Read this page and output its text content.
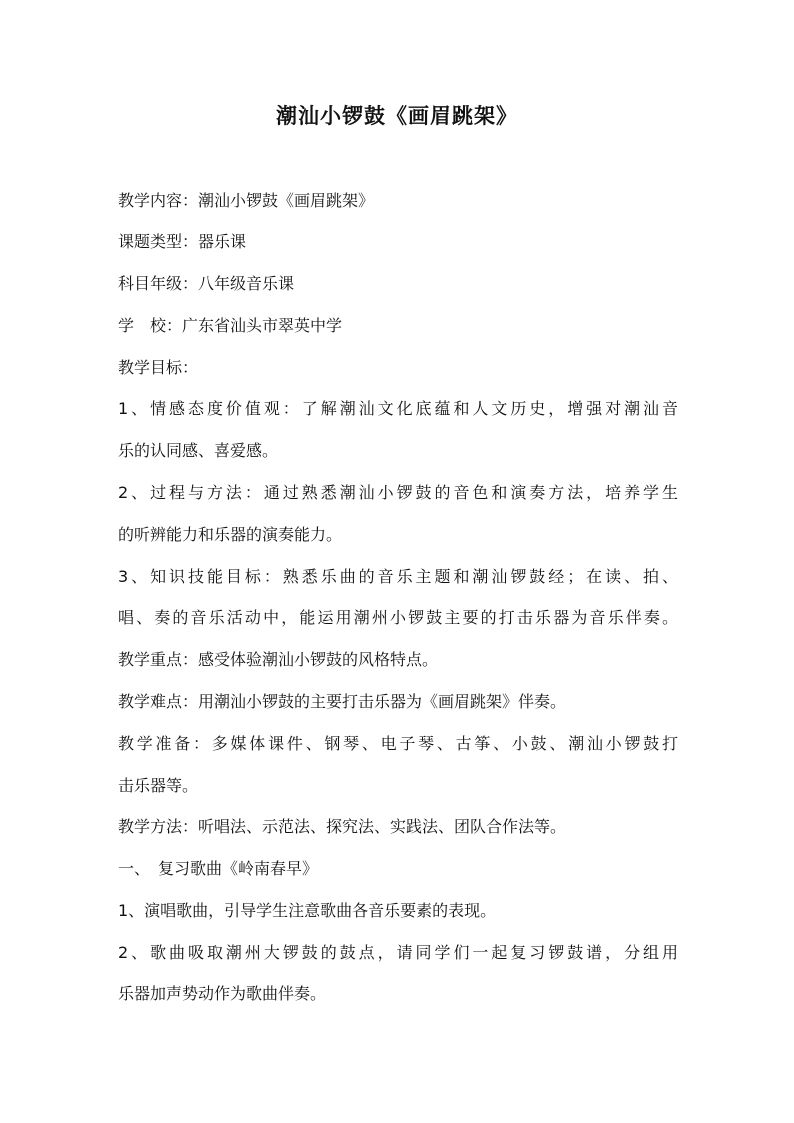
潮汕小锣鼓《画眉跳架》

教学内容：潮汕小锣鼓《画眉跳架》

课题类型：器乐课

科目年级：八年级音乐课

学　校：广东省汕头市翠英中学

教学目标：

1、情感态度价值观：了解潮汕文化底蕴和人文历史，增强对潮汕音

乐的认同感、喜爱感。

2、过程与方法：通过熟悉潮汕小锣鼓的音色和演奏方法，培养学生

的听辨能力和乐器的演奏能力。

3、知识技能目标：熟悉乐曲的音乐主题和潮汕锣鼓经；在读、拍、

唱、奏的音乐活动中，能运用潮州小锣鼓主要的打击乐器为音乐伴奏。

教学重点：感受体验潮汕小锣鼓的风格特点。

教学难点：用潮汕小锣鼓的主要打击乐器为《画眉跳架》伴奏。

教学准备：多媒体课件、钢琴、电子琴、古筝、小鼓、潮汕小锣鼓打

击乐器等。

教学方法：听唱法、示范法、探究法、实践法、团队合作法等。

一、　复习歌曲《岭南春早》

1、演唱歌曲，引导学生注意歌曲各音乐要素的表现。

2、歌曲吸取潮州大锣鼓的鼓点，请同学们一起复习锣鼓谱，分组用

乐器加声势动作为歌曲伴奏。
